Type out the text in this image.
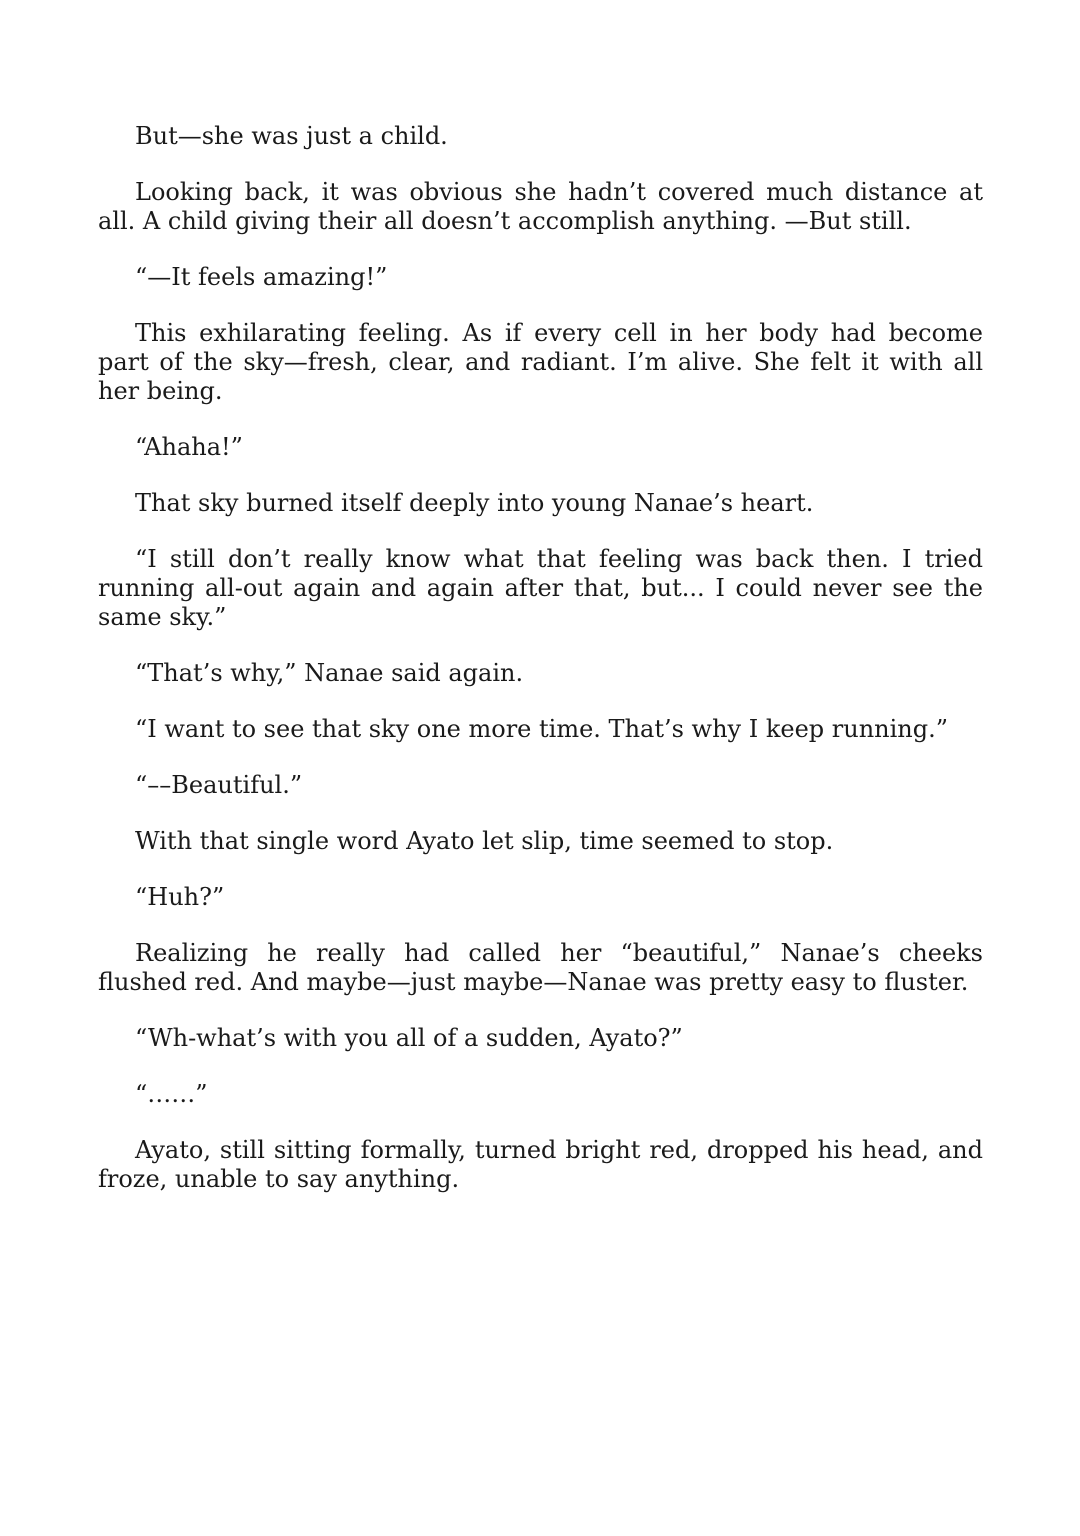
But—she was just a child.

Looking back, it was obvious she hadn’t covered much distance at all. A child giving their all doesn’t accomplish anything. —But still.

“—It feels amazing!”

This exhilarating feeling. As if every cell in her body had become part of the sky—fresh, clear, and radiant. I’m alive. She felt it with all her being.

“Ahaha!”

That sky burned itself deeply into young Nanae’s heart.

“I still don’t really know what that feeling was back then. I tried running all-out again and again after that, but... I could never see the same sky.”

“That’s why,” Nanae said again.

“I want to see that sky one more time. That’s why I keep running.”

“––Beautiful.”

With that single word Ayato let slip, time seemed to stop.

“Huh?”

Realizing he really had called her “beautiful,” Nanae’s cheeks flushed red. And maybe—just maybe—Nanae was pretty easy to fluster.

“Wh-what’s with you all of a sudden, Ayato?”

“……”

Ayato, still sitting formally, turned bright red, dropped his head, and froze, unable to say anything.
